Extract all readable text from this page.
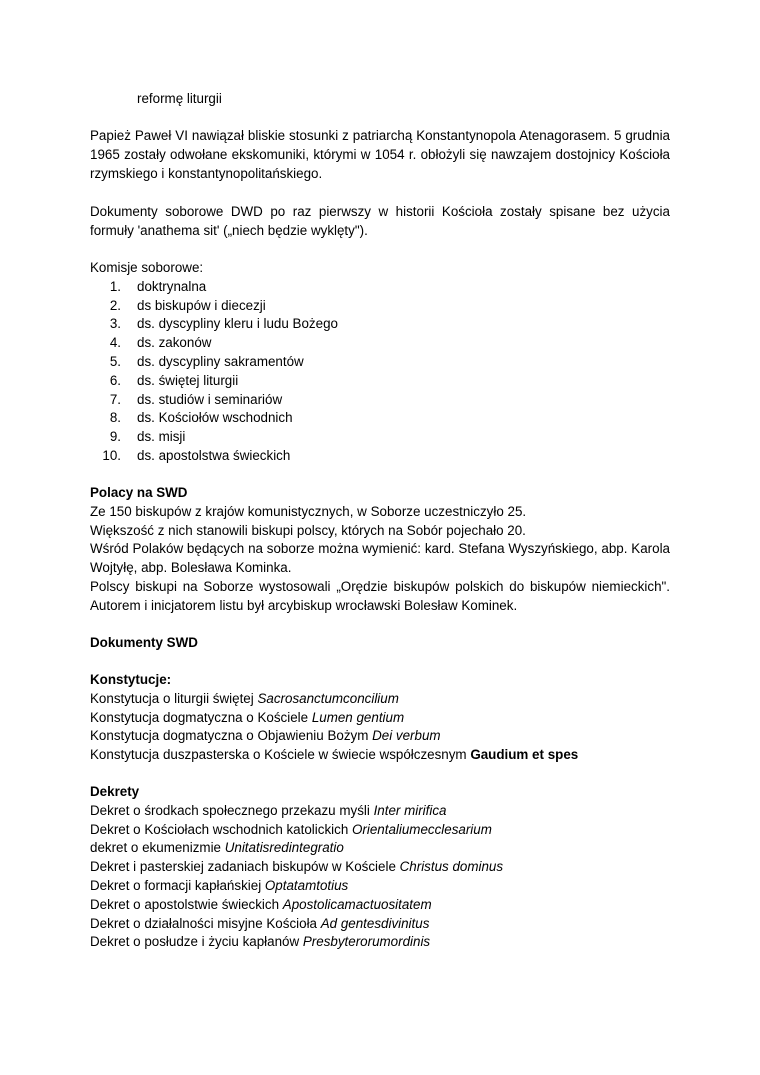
reformę liturgii

Papież Paweł VI nawiązał bliskie stosunki z patriarchą Konstantynopola Atenagorasem. 5 grudnia 1965 zostały odwołane ekskomuniki, którymi w 1054 r. obłożyli się nawzajem dostojnicy Kościoła rzymskiego i konstantynopolitańskiego.

Dokumenty soborowe DWD po raz pierwszy w historii Kościoła zostały spisane bez użycia formuły 'anathema sit' („niech będzie wyklęty").

Komisje soborowe:

1. doktrynalna
2. ds biskupów i diecezji
3. ds. dyscypliny kleru i ludu Bożego
4. ds. zakonów
5. ds. dyscypliny sakramentów
6. ds. świętej liturgii
7. ds. studiów i seminariów
8. ds. Kościołów wschodnich
9. ds. misji
10. ds. apostolstwa świeckich

Polacy na SWD

Ze 150 biskupów z krajów komunistycznych, w Soborze uczestniczyło 25.

Większość z nich stanowili biskupi polscy, których na Sobór pojechało 20.

Wśród Polaków będących na soborze można wymienić: kard. Stefana Wyszyńskiego, abp. Karola Wojtyłę, abp. Bolesława Kominka.

Polscy biskupi na Soborze wystosowali „Orędzie biskupów polskich do biskupów niemieckich". Autorem i inicjatorem listu był arcybiskup wrocławski Bolesław Kominek.

Dokumenty SWD

Konstytucje:

Konstytucja o liturgii świętej Sacrosanctumconcilium

Konstytucja dogmatyczna o Kościele Lumen gentium

Konstytucja dogmatyczna o Objawieniu Bożym Dei verbum

Konstytucja duszpasterska o Kościele w świecie współczesnym Gaudium et spes

Dekrety

Dekret o środkach społecznego przekazu myśli Inter mirifica

Dekret o Kościołach wschodnich katolickich Orientaliumecclesarium

dekret o ekumenizmie Unitatisredintegratio

Dekret i pasterskiej zadaniach biskupów w Kościele Christus dominus

Dekret o formacji kapłańskiej Optatamtotius

Dekret o apostolstwie świeckich Apostolicamactuositatem

Dekret o działalności misyjne Kościoła Ad gentesdivinitus

Dekret o posłudze i życiu kapłanów Presbyterorumordinis
